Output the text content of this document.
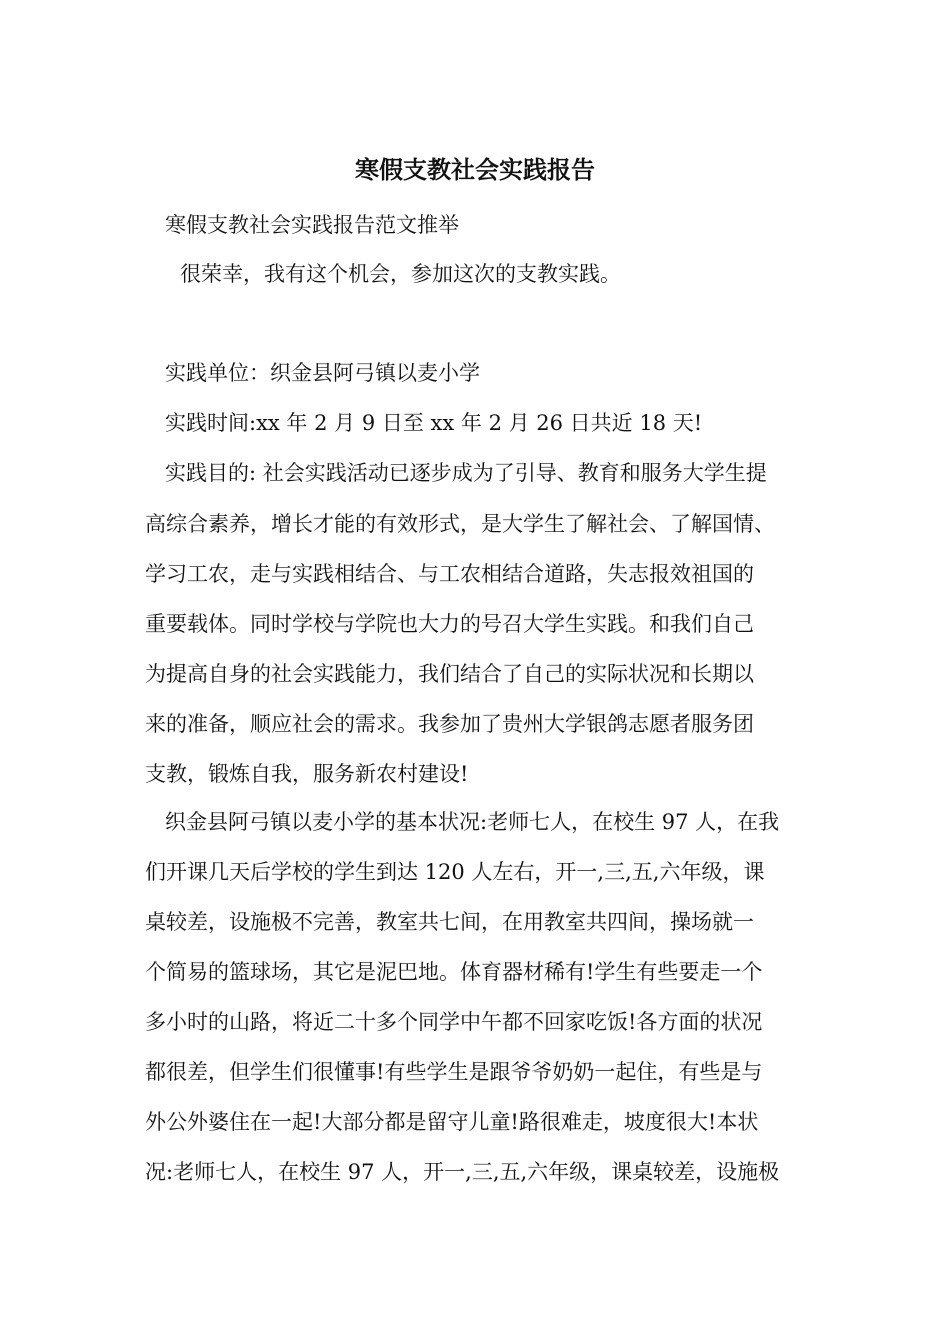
寒假支教社会实践报告

寒假支教社会实践报告范文推举

很荣幸，我有这个机会，参加这次的支教实践。

实践单位：织金县阿弓镇以麦小学

实践时间:xx 年 2 月 9 日至 xx 年 2 月 26 日共近 18 天!

实践目的: 社会实践活动已逐步成为了引导、教育和服务大学生提

高综合素养，增长才能的有效形式，是大学生了解社会、了解国情、

学习工农，走与实践相结合、与工农相结合道路，失志报效祖国的

重要载体。同时学校与学院也大力的号召大学生实践。和我们自己

为提高自身的社会实践能力，我们结合了自己的实际状况和长期以

来的准备，顺应社会的需求。我参加了贵州大学银鸽志愿者服务团

支教，锻炼自我，服务新农村建设!

织金县阿弓镇以麦小学的基本状况:老师七人，在校生 97 人，在我

们开课几天后学校的学生到达 120 人左右，开一,三,五,六年级，课

桌较差，设施极不完善，教室共七间，在用教室共四间，操场就一

个简易的篮球场，其它是泥巴地。体育器材稀有!学生有些要走一个

多小时的山路，将近二十多个同学中午都不回家吃饭!各方面的状况

都很差，但学生们很懂事!有些学生是跟爷爷奶奶一起住，有些是与

外公外婆住在一起!大部分都是留守儿童!路很难走，坡度很大!本状

况:老师七人，在校生 97 人，开一,三,五,六年级，课桌较差，设施极
